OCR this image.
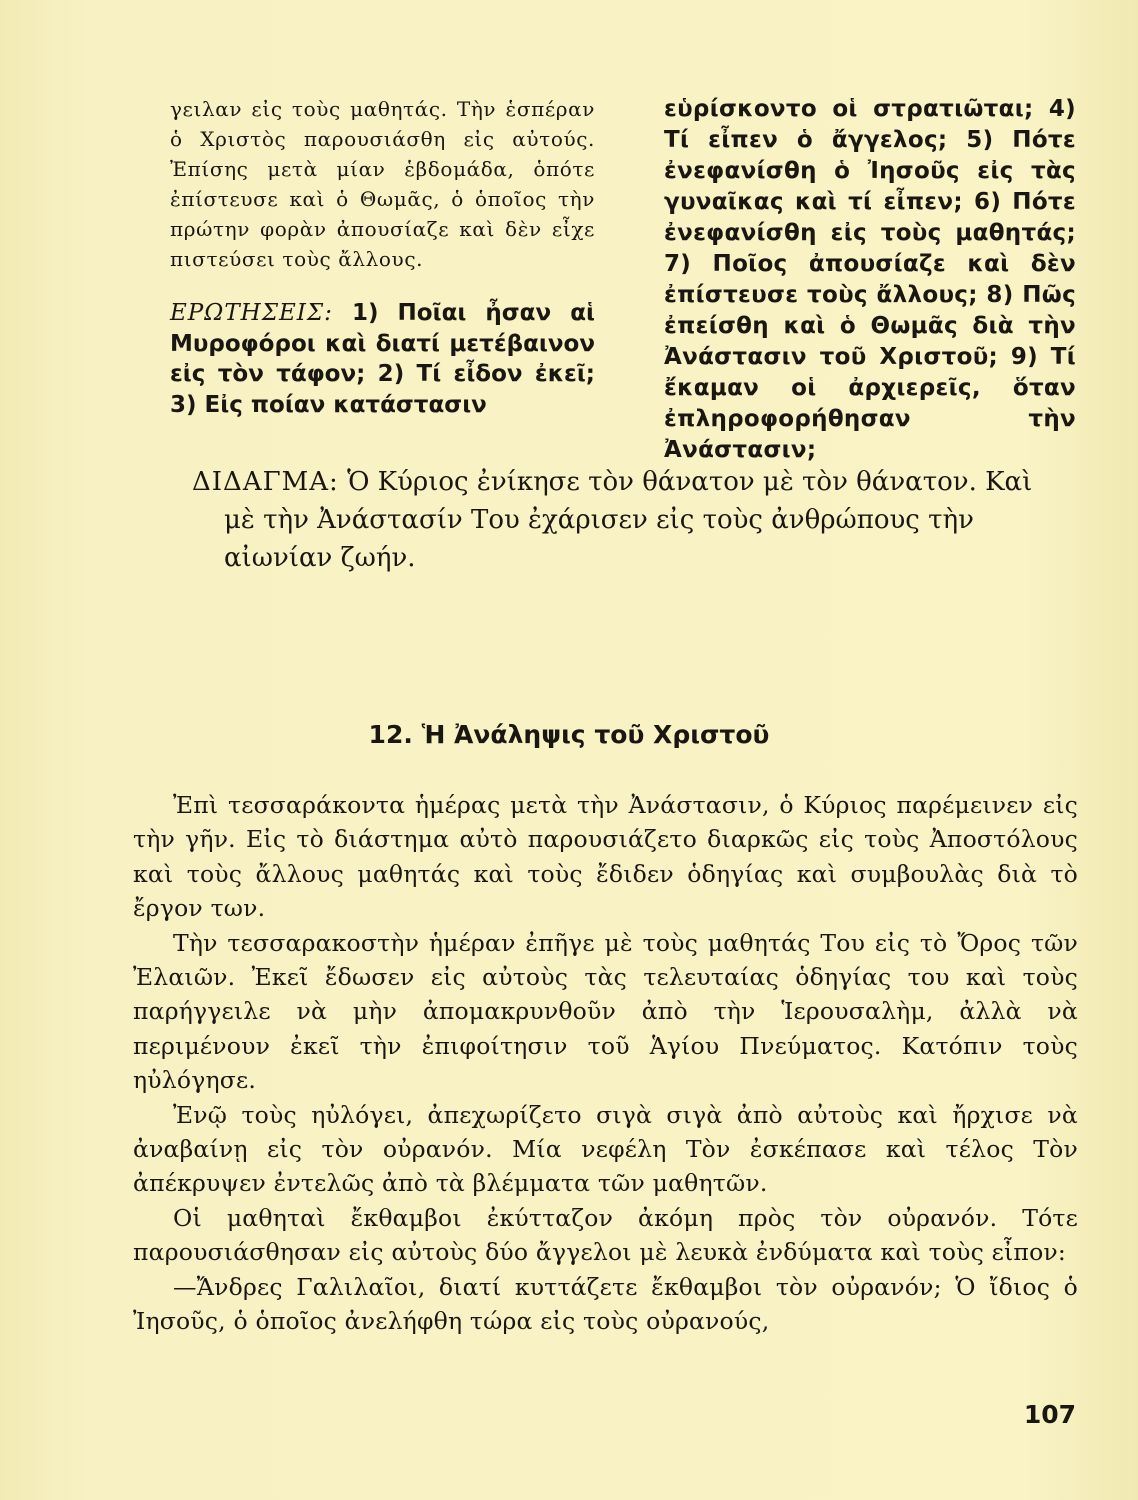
γειλαν εἰς τοὺς μαθητάς. Τὴν ἑσπέραν ὁ Χριστὸς παρουσιάσθη εἰς αὐτούς. Ἐπίσης μετὰ μίαν ἑβδομάδα, ὁπότε ἐπίστευσε καὶ ὁ Θωμᾶς, ὁ ὁποῖος τὴν πρώτην φορὰν ἀπουσίαζε καὶ δὲν εἶχε πιστεύσει τοὺς ἄλλους.

ΕΡΩΤΗΣΕΙΣ: 1) Ποῖαι ἦσαν αἱ Μυροφόροι καὶ διατί μετέβαινον εἰς τὸν τάφον; 2) Τί εἶδον ἐκεῖ; 3) Εἰς ποίαν κατάστασιν

εὑρίσκοντο οἱ στρατιῶται; 4) Τί εἶπεν ὁ ἄγγελος; 5) Πότε ἐνεφανίσθη ὁ Ἰησοῦς εἰς τὰς γυναῖκας καὶ τί εἶπεν; 6) Πότε ἐνεφανίσθη εἰς τοὺς μαθητάς; 7) Ποῖος ἀπουσίαζε καὶ δὲν ἐπίστευσε τοὺς ἄλλους; 8) Πῶς ἐπείσθη καὶ ὁ Θωμᾶς διὰ τὴν Ἀνάστασιν τοῦ Χριστοῦ; 9) Τί ἔκαμαν οἱ ἀρχιερεῖς, ὅταν ἐπληροφορήθησαν τὴν Ἀνάστασιν;

ΔΙΔΑΓΜΑ: Ὁ Κύριος ἐνίκησε τὸν θάνατον μὲ τὸν θάνατον. Καὶ μὲ τὴν Ἀνάστασίν Του ἐχάρισεν εἰς τοὺς ἀνθρώπους τὴν αἰωνίαν ζωήν.

12. Ἡ Ἀνάληψις τοῦ Χριστοῦ

Ἐπὶ τεσσαράκοντα ἡμέρας μετὰ τὴν Ἀνάστασιν, ὁ Κύριος παρέμεινεν εἰς τὴν γῆν. Εἰς τὸ διάστημα αὐτὸ παρουσιάζετο διαρκῶς εἰς τοὺς Ἀποστόλους καὶ τοὺς ἄλλους μαθητάς καὶ τοὺς ἔδιδεν ὁδηγίας καὶ συμβουλὰς διὰ τὸ ἔργον των.

Τὴν τεσσαρακοστὴν ἡμέραν ἐπῆγε μὲ τοὺς μαθητάς Του εἰς τὸ Ὄρος τῶν Ἐλαιῶν. Ἐκεῖ ἔδωσεν εἰς αὐτοὺς τὰς τελευταίας ὁδηγίας του καὶ τοὺς παρήγγειλε νὰ μὴν ἀπομακρυνθοῦν ἀπὸ τὴν Ἱερουσαλὴμ, ἀλλὰ νὰ περιμένουν ἐκεῖ τὴν ἐπιφοίτησιν τοῦ Ἁγίου Πνεύματος. Κατόπιν τοὺς ηὐλόγησε.

Ἐνῷ τοὺς ηὐλόγει, ἀπεχωρίζετο σιγὰ σιγὰ ἀπὸ αὐτοὺς καὶ ἤρχισε νὰ ἀναβαίνῃ εἰς τὸν οὐρανόν. Μία νεφέλη Τὸν ἐσκέπασε καὶ τέλος Τὸν ἀπέκρυψεν ἐντελῶς ἀπὸ τὰ βλέμματα τῶν μαθητῶν.

Οἱ μαθηταὶ ἔκθαμβοι ἐκύτταζον ἀκόμη πρὸς τὸν οὐρανόν. Τότε παρουσιάσθησαν εἰς αὐτοὺς δύο ἄγγελοι μὲ λευκὰ ἐνδύματα καὶ τοὺς εἶπον:

—Ἄνδρες Γαλιλαῖοι, διατί κυττάζετε ἔκθαμβοι τὸν οὐρανόν; Ὁ ἴδιος ὁ Ἰησοῦς, ὁ ὁποῖος ἀνελήφθη τώρα εἰς τοὺς οὐρανούς,

107
